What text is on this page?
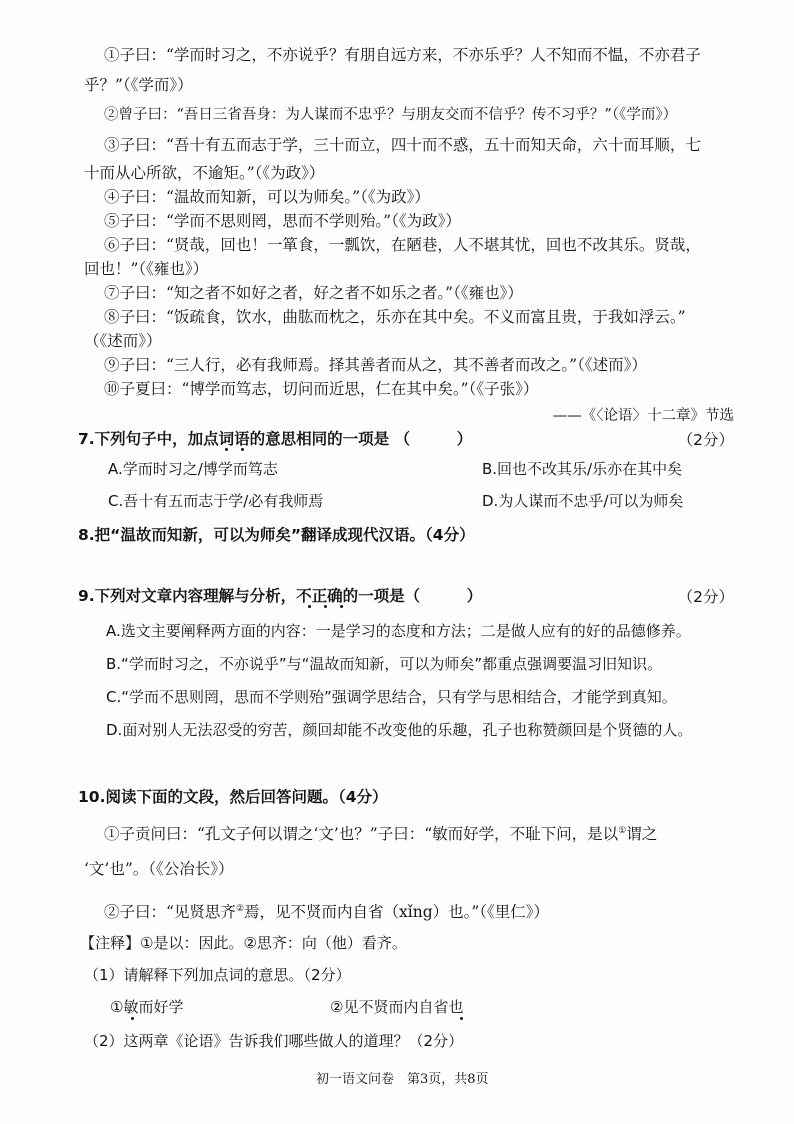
①子曰：“学而时习之，不亦说乎？有朋自远方来，不亦乐乎？人不知而不愠，不亦君子
乎？”（《学而》）
②曾子曰：“吾日三省吾身：为人谋而不忠乎？与朋友交而不信乎？传不习乎？”（《学而》）
③子曰：“吾十有五而志于学，三十而立，四十而不惑，五十而知天命，六十而耳顺，七
十而从心所欲，不逾矩。”（《为政》）
④子曰：“温故而知新，可以为师矣。”（《为政》）
⑤子曰：“学而不思则罔，思而不学则殆。”（《为政》）
⑥子曰：“贤哉，回也！一箪食，一瓢饮，在陋巷，人不堪其忧，回也不改其乐。贤哉，
回也！”（《雍也》）
⑦子曰：“知之者不如好之者，好之者不如乐之者。”（《雍也》）
⑧子曰：“饭疏食，饮水，曲肱而枕之，乐亦在其中矣。不义而富且贵，于我如浮云。”
（《述而》）
⑨子曰：“三人行，必有我师焉。择其善者而从之，其不善者而改之。”（《述而》）
⑩子夏曰：“博学而笃志，切问而近思，仁在其中矣。”（《子张》）
——《〈论语〉十二章》节选
7.下列句子中，加点词语的意思相同的一项是 （　　　）	（2分）
A.学而时习之/博学而笃志	B.回也不改其乐/乐亦在其中矣
C.吾十有五而志于学/必有我师焉	D.为人谋而不忠乎/可以为师矣
8.把“温故而知新，可以为师矣”翻译成现代汉语。（4分）
9.下列对文章内容理解与分析，不正确的一项是（　　　）	（2分）
A.选文主要阐释两方面的内容：一是学习的态度和方法；二是做人应有的好的品德修养。
B.“学而时习之，不亦说乎”与“温故而知新，可以为师矣”都重点强调要温习旧知识。
C.“学而不思则罔，思而不学则殆”强调学思结合，只有学与思相结合，才能学到真知。
D.面对别人无法忍受的穷苦，颜回却能不改变他的乐趣，孔子也称赞颜回是个贤德的人。
10.阅读下面的文段，然后回答问题。（4分）
①子贡问曰：“孔文子何以谓之‘文’也？”子曰：“敏而好学，不耻下问，是以①谓之
‘文’也”。（《公冶长》）
②子曰：“见贤思齐②焉，见不贤而内自省（xǐng）也。”（《里仁》）
【注释】①是以：因此。②思齐：向（他）看齐。
（1）请解释下列加点词的意思。（2分）
①敏而好学	②见不贤而内自省也
（2）这两章《论语》告诉我们哪些做人的道理？（2分）
初一语文问卷　第3页，共8页
